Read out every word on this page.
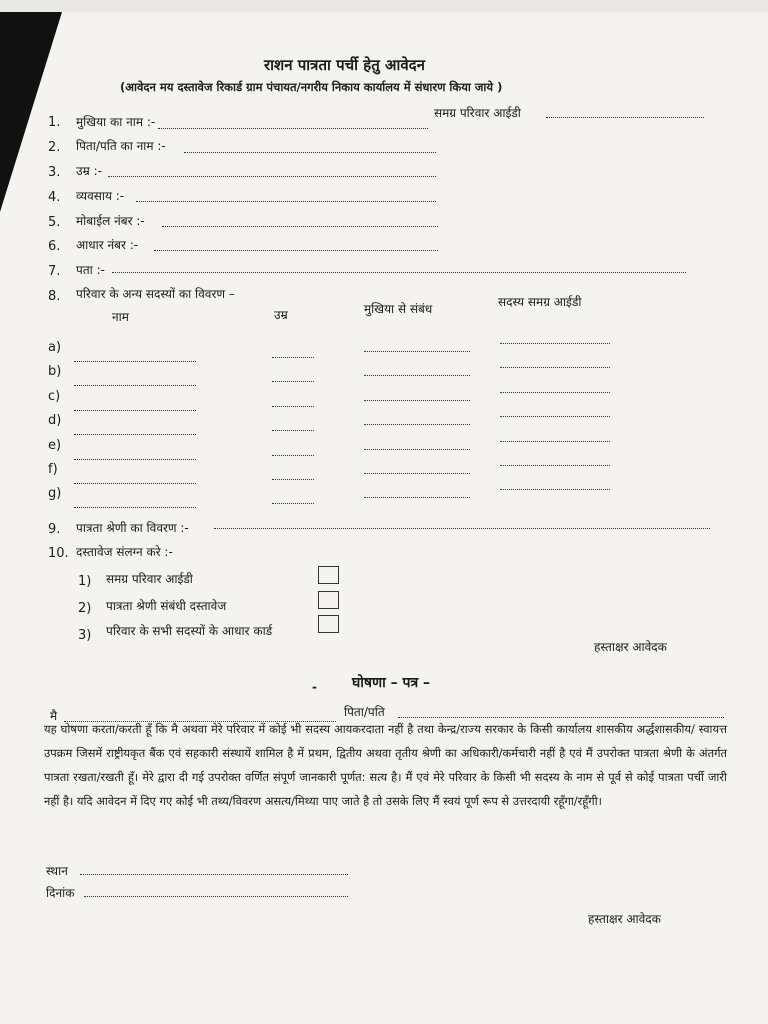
राशन पात्रता पर्ची हेतु आवेदन
(आवेदन मय दस्तावेज रिकार्ड ग्राम पंचायत/नगरीय निकाय कार्यालय में संधारण किया जाये )
1. मुखिया का नाम :-
समग्र परिवार आईडी
2. पिता/पति का नाम :-
3. उम्र :-
4. व्यवसाय :-
5. मोबाईल नंबर :-
6. आधार नंबर :-
7. पता :-
8. परिवार के अन्य सदस्यों का विवरण –
नाम	उम्र	मुखिया से संबंध	सदस्य समग्र आईडी
a)
b)
c)
d)
e)
f)
g)
9. पात्रता श्रेणी का विवरण :-
10. दस्तावेज संलग्न करे :-
1) समग्र परिवार आईडी
2) पात्रता श्रेणी संबंधी दस्तावेज
3) परिवार के सभी सदस्यों के आधार कार्ड
हस्ताक्षर आवेदक
-	घोषणा – पत्र –
मै	पिता/पति
यह घोषणा करता/करती हूँ कि मै अथवा मेरे परिवार में कोई भी सदस्य आयकरदाता नहीं है तथा केन्द्र/राज्य सरकार के किसी कार्यालय शासकीय अर्द्धशासकीय/ स्वायत्त उपक्रम जिसमें राष्ट्रीयकृत बैंक एवं सहकारी संस्थायें शामिल है में प्रथम, द्वितीय अथवा तृतीय श्रेणी का अधिकारी/कर्मचारी नहीं है एवं मैं उपरोक्त पात्रता श्रेणी के अंतर्गत पात्रता रखता/रखती हूँ। मेरे द्वारा दी गई उपरोक्त वर्णित संपूर्ण जानकारी पूर्णत: सत्य है। मैं एवं मेरे परिवार के किसी भी सदस्य के नाम से पूर्व से कोई पात्रता पर्ची जारी नहीं है। यदि आवेदन में दिए गए कोई भी तथ्य/विवरण असत्य/मिथ्या पाए जाते है तो उसके लिए मैं स्वयं पूर्ण रूप से उत्तरदायी रहूँगा/रहूँगी।
स्थान
दिनांक
हस्ताक्षर आवेदक
